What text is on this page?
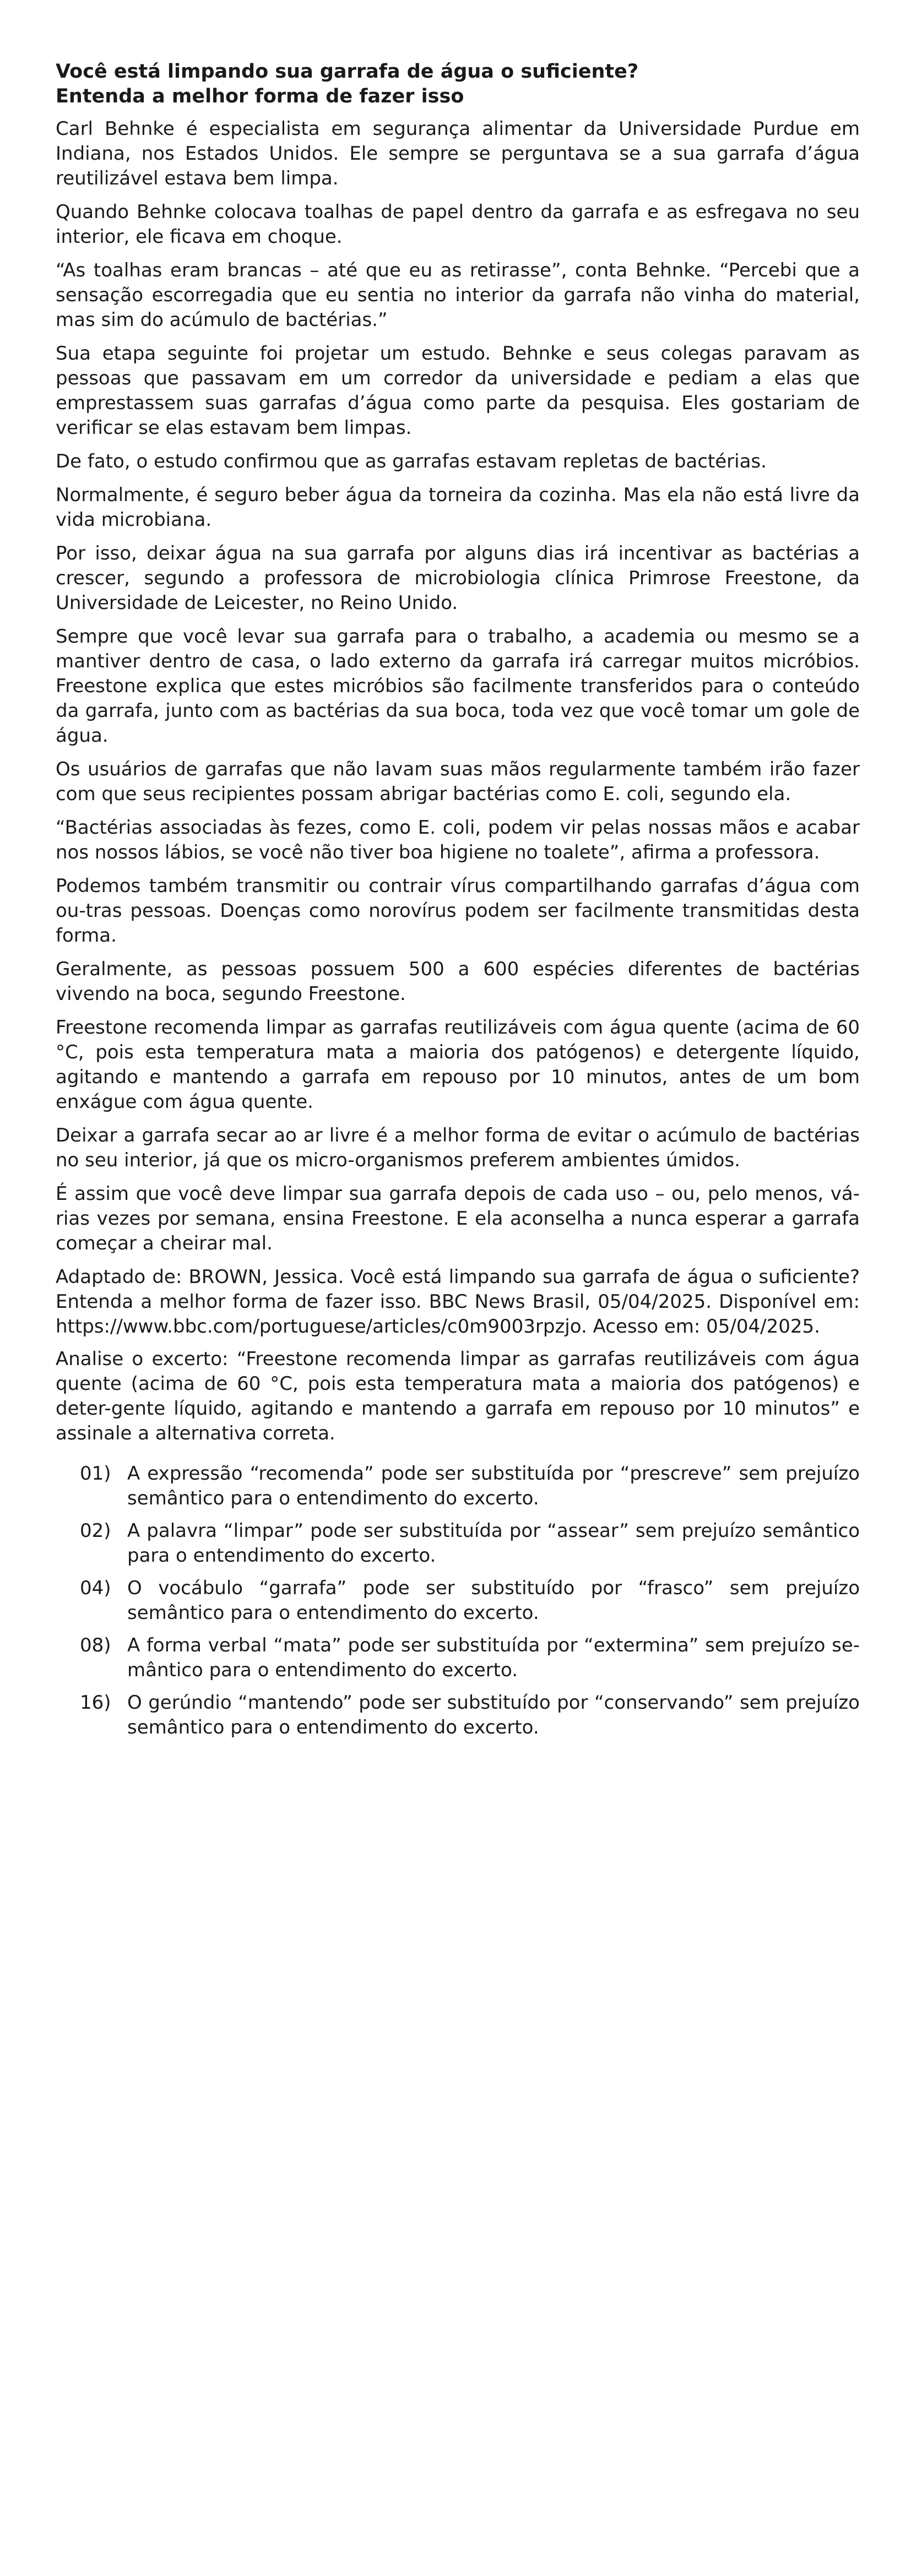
Você está limpando sua garrafa de água o suficiente?
Entenda a melhor forma de fazer isso

Carl Behnke é especialista em segurança alimentar da Universidade Purdue em Indiana, nos Estados Unidos. Ele sempre se perguntava se a sua garrafa d’água reutilizável estava bem limpa.

Quando Behnke colocava toalhas de papel dentro da garrafa e as esfregava no seu interior, ele ficava em choque.

“As toalhas eram brancas – até que eu as retirasse”, conta Behnke. “Percebi que a sensação escorregadia que eu sentia no interior da garrafa não vinha do material, mas sim do acúmulo de bactérias.”

Sua etapa seguinte foi projetar um estudo. Behnke e seus colegas paravam as pessoas que passavam em um corredor da universidade e pediam a elas que emprestassem suas garrafas d’água como parte da pesquisa. Eles gostariam de verificar se elas estavam bem limpas.

De fato, o estudo confirmou que as garrafas estavam repletas de bactérias.

Normalmente, é seguro beber água da torneira da cozinha. Mas ela não está livre da vida microbiana.

Por isso, deixar água na sua garrafa por alguns dias irá incentivar as bactérias a crescer, segundo a professora de microbiologia clínica Primrose Freestone, da Universidade de Leicester, no Reino Unido.

Sempre que você levar sua garrafa para o trabalho, a academia ou mesmo se a mantiver dentro de casa, o lado externo da garrafa irá carregar muitos micróbios. Freestone explica que estes micróbios são facilmente transferidos para o conteúdo da garrafa, junto com as bactérias da sua boca, toda vez que você tomar um gole de água.

Os usuários de garrafas que não lavam suas mãos regularmente também irão fazer com que seus recipientes possam abrigar bactérias como E. coli, segundo ela.

“Bactérias associadas às fezes, como E. coli, podem vir pelas nossas mãos e acabar nos nossos lábios, se você não tiver boa higiene no toalete”, afirma a professora.

Podemos também transmitir ou contrair vírus compartilhando garrafas d’água com ou-tras pessoas. Doenças como norovírus podem ser facilmente transmitidas desta forma.

Geralmente, as pessoas possuem 500 a 600 espécies diferentes de bactérias vivendo na boca, segundo Freestone.

Freestone recomenda limpar as garrafas reutilizáveis com água quente (acima de 60 °C, pois esta temperatura mata a maioria dos patógenos) e detergente líquido, agitando e mantendo a garrafa em repouso por 10 minutos, antes de um bom enxágue com água quente.

Deixar a garrafa secar ao ar livre é a melhor forma de evitar o acúmulo de bactérias no seu interior, já que os micro-organismos preferem ambientes úmidos.

É assim que você deve limpar sua garrafa depois de cada uso – ou, pelo menos, vá-rias vezes por semana, ensina Freestone. E ela aconselha a nunca esperar a garrafa começar a cheirar mal.

Adaptado de: BROWN, Jessica. Você está limpando sua garrafa de água o suficiente? Entenda a melhor forma de fazer isso. BBC News Brasil, 05/04/2025. Disponível em: https://www.bbc.com/portuguese/articles/c0m9003rpzjo. Acesso em: 05/04/2025.

Analise o excerto: “Freestone recomenda limpar as garrafas reutilizáveis com água quente (acima de 60 °C, pois esta temperatura mata a maioria dos patógenos) e deter-gente líquido, agitando e mantendo a garrafa em repouso por 10 minutos” e assinale a alternativa correta.

01) A expressão “recomenda” pode ser substituída por “prescreve” sem prejuízo semântico para o entendimento do excerto.
02) A palavra “limpar” pode ser substituída por “assear” sem prejuízo semântico para o entendimento do excerto.
04) O vocábulo “garrafa” pode ser substituído por “frasco” sem prejuízo semântico para o entendimento do excerto.
08) A forma verbal “mata” pode ser substituída por “extermina” sem prejuízo se-mântico para o entendimento do excerto.
16) O gerúndio “mantendo” pode ser substituído por “conservando” sem prejuízo semântico para o entendimento do excerto.
